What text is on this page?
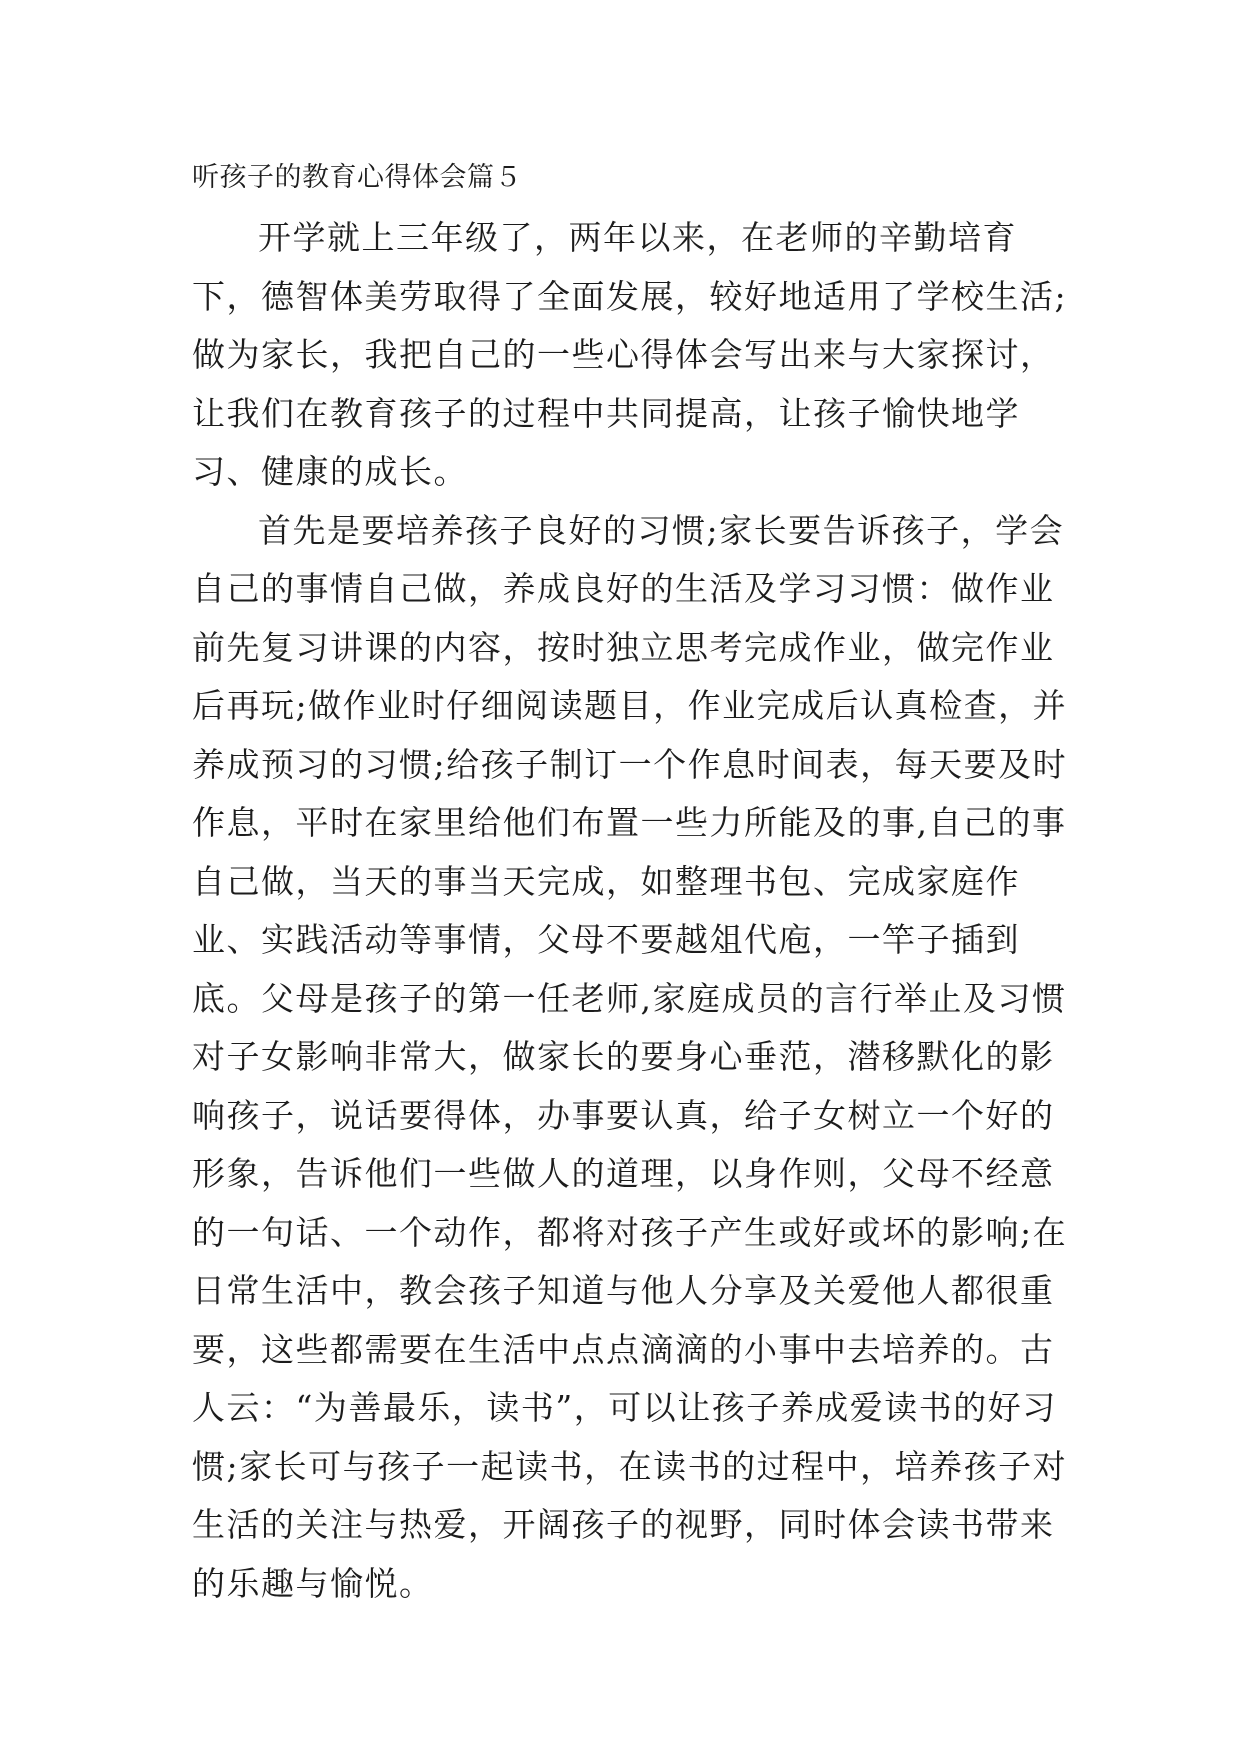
听孩子的教育心得体会篇５

开学就上三年级了，两年以来，在老师的辛勤培育下，德智体美劳取得了全面发展，较好地适用了学校生活;做为家长，我把自己的一些心得体会写出来与大家探讨，让我们在教育孩子的过程中共同提高，让孩子愉快地学习、健康的成长。

首先是要培养孩子良好的习惯;家长要告诉孩子，学会自己的事情自己做，养成良好的生活及学习习惯：做作业前先复习讲课的内容，按时独立思考完成作业，做完作业后再玩;做作业时仔细阅读题目，作业完成后认真检查，并养成预习的习惯;给孩子制订一个作息时间表，每天要及时作息，平时在家里给他们布置一些力所能及的事,自己的事自己做，当天的事当天完成，如整理书包、完成家庭作业、实践活动等事情，父母不要越俎代庖，一竿子插到底。父母是孩子的第一任老师,家庭成员的言行举止及习惯对子女影响非常大，做家长的要身心垂范，潜移默化的影响孩子，说话要得体，办事要认真，给子女树立一个好的形象，告诉他们一些做人的道理，以身作则，父母不经意的一句话、一个动作，都将对孩子产生或好或坏的影响;在日常生活中，教会孩子知道与他人分享及关爱他人都很重要，这些都需要在生活中点点滴滴的小事中去培养的。古人云：“为善最乐，读书”，可以让孩子养成爱读书的好习惯;家长可与孩子一起读书，在读书的过程中，培养孩子对生活的关注与热爱，开阔孩子的视野，同时体会读书带来的乐趣与愉悦。
